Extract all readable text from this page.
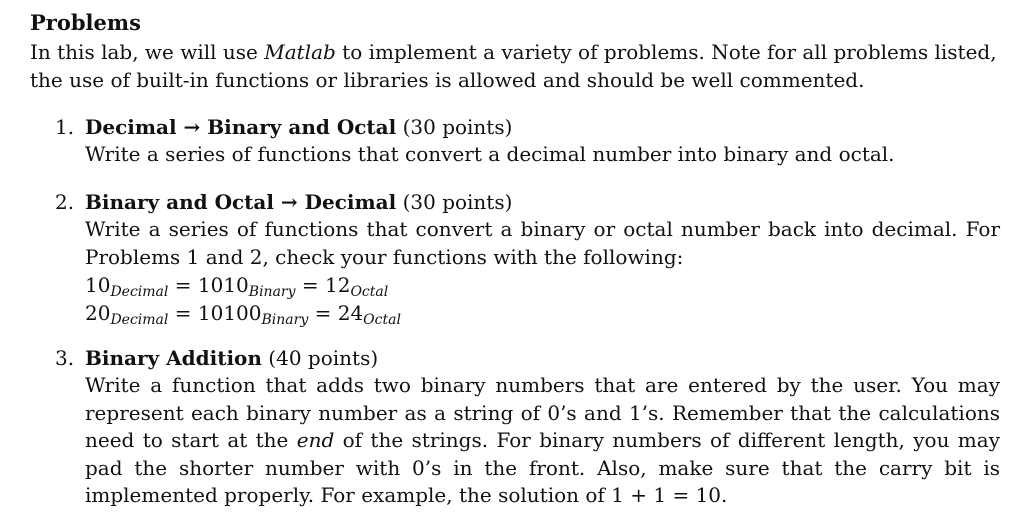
Problems
In this lab, we will use Matlab to implement a variety of problems. Note for all problems listed, the use of built-in functions or libraries is allowed and should be well commented.
1. Decimal → Binary and Octal (30 points)
Write a series of functions that convert a decimal number into binary and octal.
2. Binary and Octal → Decimal (30 points)
Write a series of functions that convert a binary or octal number back into decimal. For Problems 1 and 2, check your functions with the following:
$10_{Decimal} = 1010_{Binary} = 12_{Octal}$
$20_{Decimal} = 10100_{Binary} = 24_{Octal}$
3. Binary Addition (40 points)
Write a function that adds two binary numbers that are entered by the user. You may represent each binary number as a string of 0’s and 1’s. Remember that the calculations need to start at the end of the strings. For binary numbers of different length, you may pad the shorter number with 0’s in the front. Also, make sure that the carry bit is implemented properly. For example, the solution of 1 + 1 = 10.
